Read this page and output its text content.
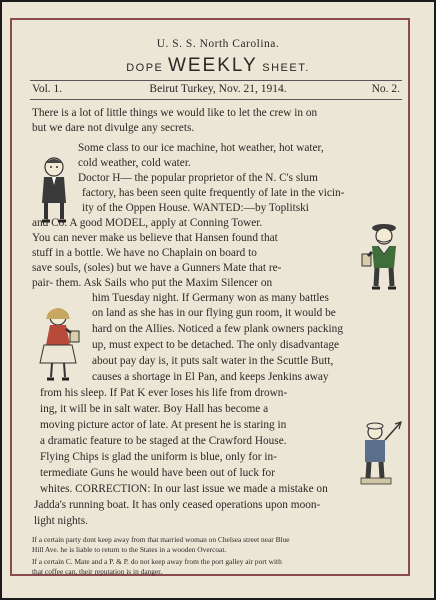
U. S. S. North Carolina.
DOPE WEEKLY SHEET.
Vol. 1.	Beirut Turkey, Nov. 21, 1914.	No. 2.
There is a lot of little things we would like to let the crew in on
but we dare not divulge any secrets.
Some class to our ice machine, hot weather, hot water,
cold weather, cold water.
Doctor H— the popular proprietor of the N. C's slum
factory, has been seen quite frequently of late in the vicin-
ity of the Oppen House. WANTED:—by Toplitski
and Co. A good MODEL, apply at Conning Tower.
You can never make us believe that Hansen found that
stuff in a bottle. We have no Chaplain on board to
save souls, (soles) but we have a Gunners Mate that re-
pair- them. Ask Sails who put the Maxim Silencer on
him Tuesday night. If Germany won as many battles
on land as she has in our flying gun room, it would be
hard on the Allies. Noticed a few plank owners packing
up, must expect to be detached. The only disadvantage
about pay day is, it puts salt water in the Scuttle Butt,
causes a shortage in El Pan, and keeps Jenkins away
from his sleep. If Pat K ever loses his life from drown-
ing, it will be in salt water. Boy Hall has become a
moving picture actor of late. At present he is staring in
a dramatic feature to be staged at the Crawford House.
Flying Chips is glad the uniform is blue, only for in-
termediate Guns he would have been out of luck for
whites. CORRECTION: In our last issue we made a mistake on
Jadda's running boat. It has only ceased operations upon moon-
light nights.
If a certain party dont keep away from that married woman on Chelsea street near Blue
Hill Ave. he is liable to return to the States in a wooden Overcoat.
If a certain C. Mate and a P. & P. do not keep away from the port galley air port with
that coffee can, their reputation is in danger.
